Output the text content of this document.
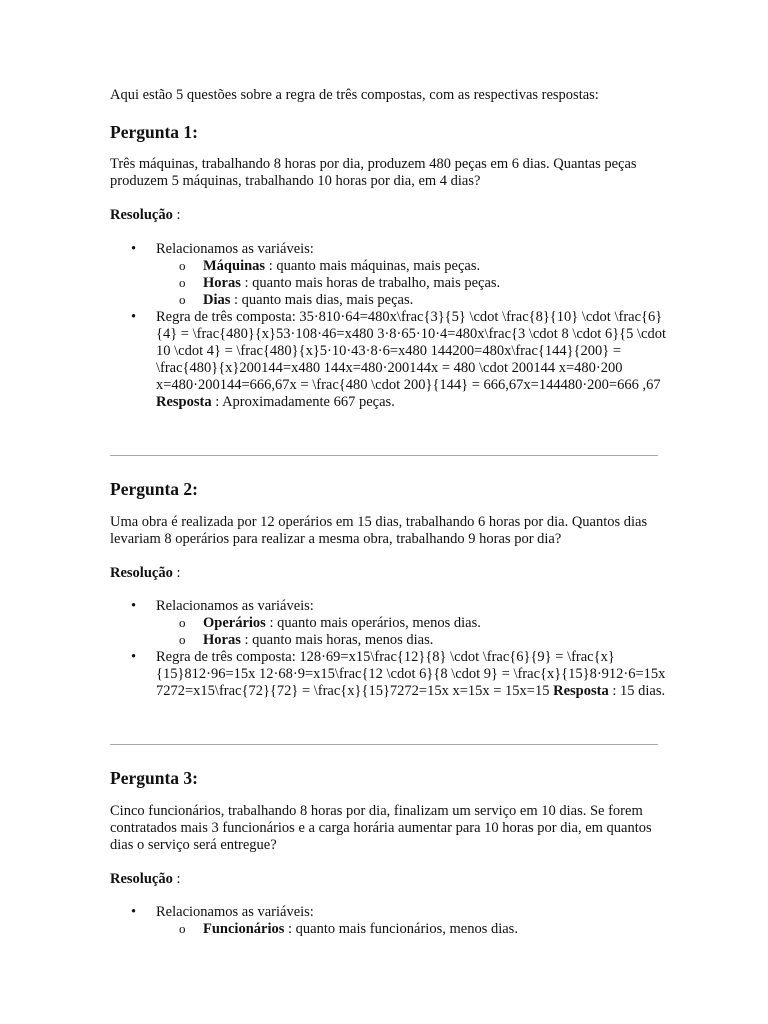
Aqui estão 5 questões sobre a regra de três compostas, com as respectivas respostas:

Pergunta 1:

Três máquinas, trabalhando 8 horas por dia, produzem 480 peças em 6 dias. Quantas peças produzem 5 máquinas, trabalhando 10 horas por dia, em 4 dias?

Resolução :

• Relacionamos as variáveis:
o Máquinas : quanto mais máquinas, mais peças.
o Horas : quanto mais horas de trabalho, mais peças.
o Dias : quanto mais dias, mais peças.
• Regra de três composta: 35·810·64=480x\frac{3}{5} \cdot \frac{8}{10} \cdot \frac{6}{4} = \frac{480}{x}53·108·46=x480 3·8·65·10·4=480x\frac{3 \cdot 8 \cdot 6}{5 \cdot 10 \cdot 4} = \frac{480}{x}5·10·43·8·6=x480 144200=480x\frac{144}{200} = \frac{480}{x}200144=x480 144x=480·200144x = 480 \cdot 200144 x=480·200 x=480·200144=666,67x = \frac{480 \cdot 200}{144} = 666,67x=144480·200=666 ,67 Resposta : Aproximadamente 667 peças.
Pergunta 2:

Uma obra é realizada por 12 operários em 15 dias, trabalhando 6 horas por dia. Quantos dias levariam 8 operários para realizar a mesma obra, trabalhando 9 horas por dia?

Resolução :

• Relacionamos as variáveis:
o Operários : quanto mais operários, menos dias.
o Horas : quanto mais horas, menos dias.
• Regra de três composta: 128·69=x15\frac{12}{8} \cdot \frac{6}{9} = \frac{x}{15}812·96=15x 12·68·9=x15\frac{12 \cdot 6}{8 \cdot 9} = \frac{x}{15}8·912·6=15x 7272=x15\frac{72}{72} = \frac{x}{15}7272=15x x=15x = 15x=15 Resposta : 15 dias.
Pergunta 3:

Cinco funcionários, trabalhando 8 horas por dia, finalizam um serviço em 10 dias. Se forem contratados mais 3 funcionários e a carga horária aumentar para 10 horas por dia, em quantos dias o serviço será entregue?

Resolução :

• Relacionamos as variáveis:
o Funcionários : quanto mais funcionários, menos dias.
